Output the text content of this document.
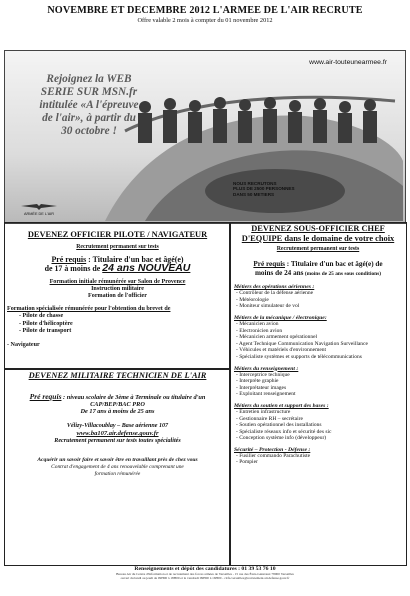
NOVEMBRE ET DECEMBRE 2012 L'ARMEE DE L'AIR RECRUTE
Offre valable 2 mois à compter du 01 novembre 2012
www.air-touteunearmee.fr
Rejoignez la WEB
SERIE SUR MSN.fr
intitulée «A l'épreuve
de l'air», à partir du
30 octobre !
NOUS RECRUTONS
PLUS DE 2500 PERSONNES
DANS 50 METIERS
ARMÉE DE L'AIR
DEVENEZ OFFICIER PILOTE / NAVIGATEUR
Recrutement permanent sur tests
Pré requis : Titulaire d'un bac et âgé(e)
de 17 à moins de 24 ans NOUVEAU
Formation initiale rémunérée sur Salon de Provence
Instruction militaire
Formation de l'officier
Formation spécialisée rémunérée pour l'obtention du brevet de
- Pilote de chasse
- Pilote d'hélicoptère
- Pilote de transport
- Navigateur
DEVENEZ MILITAIRE TECHNICIEN DE L'AIR
Pré requis : niveau scolaire de 3ème à Terminale ou titulaire d'un
CAP/BEP/BAC PRO
De 17 ans à moins de 25 ans
Vélizy-Villacoublay – Base aérienne 107
www.ba107.air.defense.gouv.fr
Recrutement permanent sur tests toutes spécialités
Acquérir un savoir faire et savoir être en travaillant près de chez vous
Contrat d'engagement de 4 ans renouvelable comprenant une formation rémunérée
DEVENEZ SOUS-OFFICIER CHEF
D'EQUIPE dans le domaine de votre choix
Recrutement permanent sur tests
Pré requis : Titulaire d'un bac et âgé(e) de
moins de 24 ans (moins de 25 ans sous conditions)
Métiers des opérations aériennes :
- Contrôleur de la défense aérienne
- Météorologie
- Moniteur simulateur de vol
Métiers de la mécanique / électronique:
- Mécanicien avion
- Electronicien avion
- Mécanicien armement opérationnel
- Agent Technique Communication Navigation Surveillance
- Véhicules et matériels d'environnement
- Spécialiste systèmes et supports de télécommunications
Métiers du renseignement :
- Interceptrice technique
- Interprète graphie
- Interprétateur images
- Exploitant renseignement
Métiers du soutien et support des bases :
- Entretien infrastructure
- Gestionnaire RH – secrétaire
- Soutien opérationnel des installations
- Spécialiste réseaux info et sécurité des sic
- Conception système info (développeur)
Sécurité – Protection - Défense :
- Fusilier commando Parachutiste
- Pompier
Renseignements et dépôt des candidatures : 01 39 53 76 10
Bureau Air du Centre d'Information et de recrutement des forces armées de Versailles - 15 rue des États-Généraux 78000 Versailles
ouvert du lundi au jeudi de 09H00 à 18H00 et le vendredi 09H00 à 16H00 - cirfa.versailles@recrutement.air.defense.gouv.fr
